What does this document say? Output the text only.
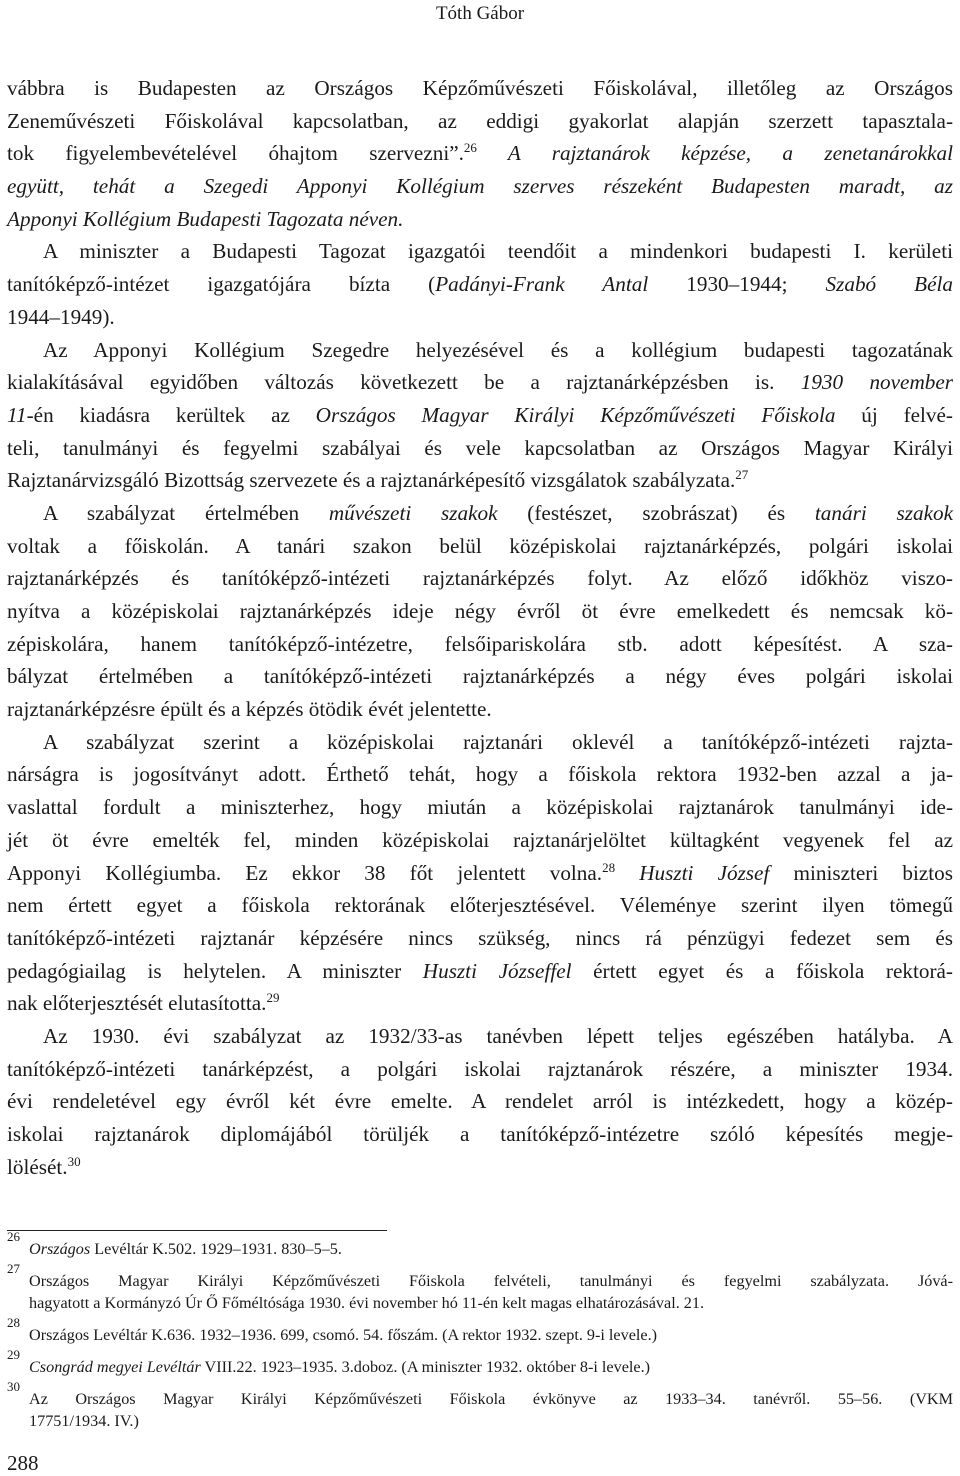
Tóth Gábor
vábbra is Budapesten az Országos Képzőművészeti Főiskolával, illetőleg az Országos
Zeneművészeti Főiskolával kapcsolatban, az eddigi gyakorlat alapján szerzett tapasztala-
tok figyelembevételével óhajtom szervezni”.$^{26}$ A rajztanárok képzése, a zenetanárokkal
együtt, tehát a Szegedi Apponyi Kollégium szerves részeként Budapesten maradt, az
Apponyi Kollégium Budapesti Tagozata néven.
A miniszter a Budapesti Tagozat igazgatói teendőit a mindenkori budapesti I. kerületi
tanítóképző-intézet igazgatójára bízta (Padányi-Frank Antal 1930–1944; Szabó Béla
1944–1949).
Az Apponyi Kollégium Szegedre helyezésével és a kollégium budapesti tagozatának
kialakításával egyidőben változás következett be a rajztanárképzésben is. 1930 november
11-én kiadásra kerültek az Országos Magyar Királyi Képzőművészeti Főiskola új felvé-
teli, tanulmányi és fegyelmi szabályai és vele kapcsolatban az Országos Magyar Királyi
Rajztanárvizsgáló Bizottság szervezete és a rajztanárképesítő vizsgálatok szabályzata.$^{27}$
A szabályzat értelmében művészeti szakok (festészet, szobrászat) és tanári szakok
voltak a főiskolán. A tanári szakon belül középiskolai rajztanárképzés, polgári iskolai
rajztanárképzés és tanítóképző-intézeti rajztanárképzés folyt. Az előző időkhöz viszo-
nyítva a középiskolai rajztanárképzés ideje négy évről öt évre emelkedett és nemcsak kö-
zépiskolára, hanem tanítóképző-intézetre, felsőipariskolára stb. adott képesítést. A sza-
bályzat értelmében a tanítóképző-intézeti rajztanárképzés a négy éves polgári iskolai
rajztanárképzésre épült és a képzés ötödik évét jelentette.
A szabályzat szerint a középiskolai rajztanári oklevél a tanítóképző-intézeti rajzta-
nárságra is jogosítványt adott. Érthető tehát, hogy a főiskola rektora 1932-ben azzal a ja-
vaslattal fordult a miniszterhez, hogy miután a középiskolai rajztanárok tanulmányi ide-
jét öt évre emelték fel, minden középiskolai rajztanárjelöltet kültagként vegyenek fel az
Apponyi Kollégiumba. Ez ekkor 38 főt jelentett volna.$^{28}$ Huszti József miniszteri biztos
nem értett egyet a főiskola rektorának előterjesztésével. Véleménye szerint ilyen tömegű
tanítóképző-intézeti rajztanár képzésére nincs szükség, nincs rá pénzügyi fedezet sem és
pedagógiailag is helytelen. A miniszter Huszti Józseffel értett egyet és a főiskola rektorá-
nak előterjesztését elutasította.$^{29}$
Az 1930. évi szabályzat az 1932/33-as tanévben lépett teljes egészében hatályba. A
tanítóképző-intézeti tanárképzést, a polgári iskolai rajztanárok részére, a miniszter 1934.
évi rendeletével egy évről két évre emelte. A rendelet arról is intézkedett, hogy a közép-
iskolai rajztanárok diplomájából törüljék a tanítóképző-intézetre szóló képesítés megje-
lölését.$^{30}$
26
Országos Levéltár K.502. 1929–1931. 830–5–5.
27
Országos Magyar Királyi Képzőművészeti Főiskola felvételi, tanulmányi és fegyelmi szabályzata. Jóvá-
hagyatott a Kormányzó Úr Ő Főméltósága 1930. évi november hó 11-én kelt magas elhatározásával. 21.
28
Országos Levéltár K.636. 1932–1936. 699, csomó. 54. főszám. (A rektor 1932. szept. 9-i levele.)
29
Csongrád megyei Levéltár VIII.22. 1923–1935. 3.doboz. (A miniszter 1932. október 8-i levele.)
30
Az Országos Magyar Királyi Képzőművészeti Főiskola évkönyve az 1933–34. tanévről. 55–56. (VKM
17751/1934. IV.)
288
